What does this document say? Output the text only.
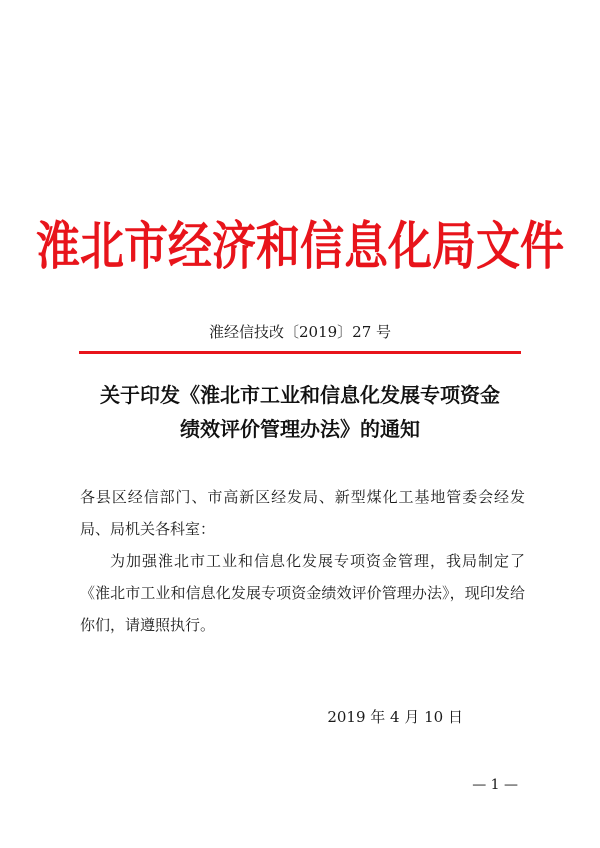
淮北市经济和信息化局文件
淮经信技改〔2019〕27 号
关于印发《淮北市工业和信息化发展专项资金
绩效评价管理办法》的通知
各县区经信部门、市高新区经发局、新型煤化工基地管委会经发局、局机关各科室：
为加强淮北市工业和信息化发展专项资金管理，我局制定了《淮北市工业和信息化发展专项资金绩效评价管理办法》，现印发给你们，请遵照执行。
2019 年 4 月 10 日
— 1 —
